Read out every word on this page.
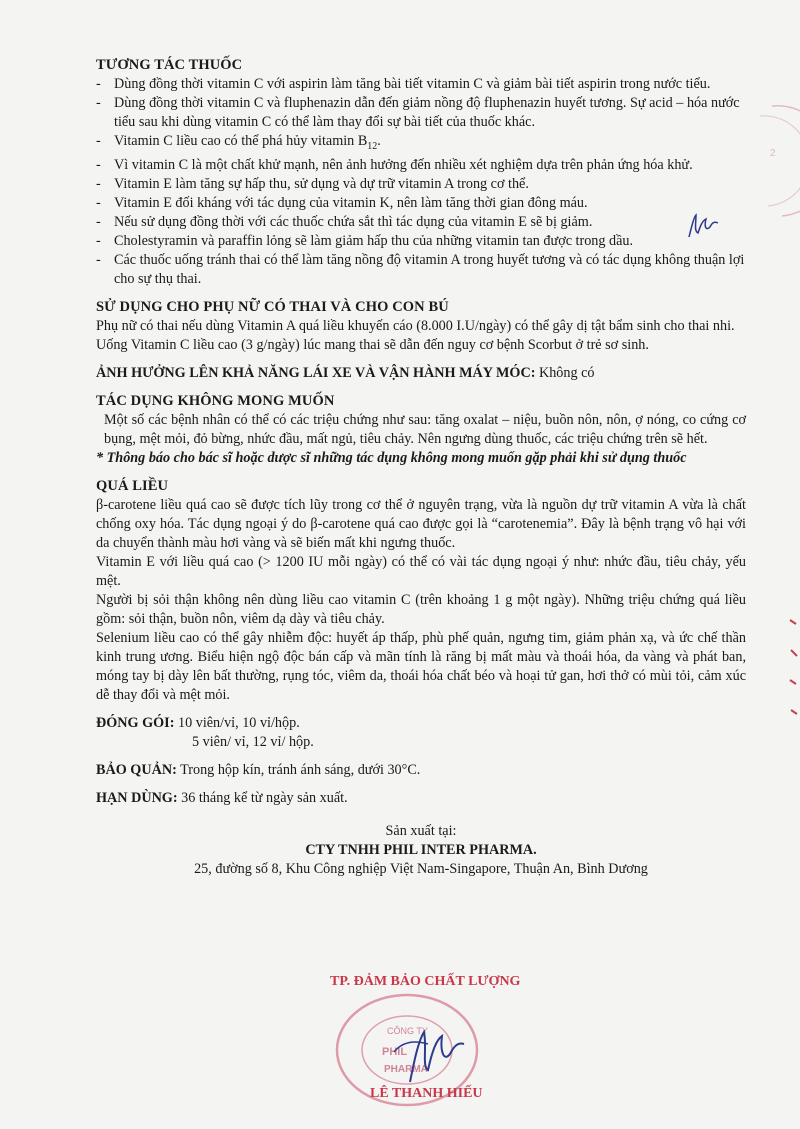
TƯƠNG TÁC THUỐC
- Dùng đồng thời vitamin C với aspirin làm tăng bài tiết vitamin C và giảm bài tiết aspirin trong nước tiểu.
- Dùng đồng thời vitamin C và fluphenazin dẫn đến giảm nồng độ fluphenazin huyết tương. Sự acid – hóa nước tiểu sau khi dùng vitamin C có thể làm thay đổi sự bài tiết của thuốc khác.
- Vitamin C liều cao có thể phá hủy vitamin $B_{12}$.
- Vì vitamin C là một chất khử mạnh, nên ảnh hưởng đến nhiều xét nghiệm dựa trên phản ứng hóa khử.
- Vitamin E làm tăng sự hấp thu, sử dụng và dự trữ vitamin A trong cơ thể.
- Vitamin E đối kháng với tác dụng của vitamin K, nên làm tăng thời gian đông máu.
- Nếu sử dụng đồng thời với các thuốc chứa sắt thì tác dụng của vitamin E sẽ bị giảm.
- Cholestyramin và paraffin lỏng sẽ làm giảm hấp thu của những vitamin tan được trong dầu.
- Các thuốc uống tránh thai có thể làm tăng nồng độ vitamin A trong huyết tương và có tác dụng không thuận lợi cho sự thụ thai.
SỬ DỤNG CHO PHỤ NỮ CÓ THAI VÀ CHO CON BÚ

Phụ nữ có thai nếu dùng Vitamin A quá liều khuyến cáo (8.000 I.U/ngày) có thể gây dị tật bẩm sinh cho thai nhi.

Uống Vitamin C liều cao (3 g/ngày) lúc mang thai sẽ dẫn đến nguy cơ bệnh Scorbut ở trẻ sơ sinh.

ẢNH HƯỞNG LÊN KHẢ NĂNG LÁI XE VÀ VẬN HÀNH MÁY MÓC: Không có

TÁC DỤNG KHÔNG MONG MUỐN

Một số các bệnh nhân có thể có các triệu chứng như sau: tăng oxalat – niệu, buồn nôn, nôn, ợ nóng, co cứng cơ bụng, mệt mỏi, đỏ bừng, nhức đầu, mất ngủ, tiêu chảy. Nên ngưng dùng thuốc, các triệu chứng trên sẽ hết.

* Thông báo cho bác sĩ hoặc dược sĩ những tác dụng không mong muốn gặp phải khi sử dụng thuốc

QUÁ LIỀU

β-carotene liều quá cao sẽ được tích lũy trong cơ thể ở nguyên trạng, vừa là nguồn dự trữ vitamin A vừa là chất chống oxy hóa. Tác dụng ngoại ý do β-carotene quá cao được gọi là “carotenemia”. Đây là bệnh trạng vô hại với da chuyển thành màu hơi vàng và sẽ biến mất khi ngưng thuốc.

Vitamin E với liều quá cao (> 1200 IU mỗi ngày) có thể có vài tác dụng ngoại ý như: nhức đầu, tiêu chảy, yếu mệt.

Người bị sỏi thận không nên dùng liều cao vitamin C (trên khoảng 1 g một ngày). Những triệu chứng quá liều gồm: sỏi thận, buồn nôn, viêm dạ dày và tiêu chảy.

Selenium liều cao có thể gây nhiễm độc: huyết áp thấp, phù phế quản, ngưng tim, giảm phản xạ, và ức chế thần kinh trung ương. Biểu hiện ngộ độc bán cấp và mãn tính là răng bị mất màu và thoái hóa, da vàng và phát ban, móng tay bị dày lên bất thường, rụng tóc, viêm da, thoái hóa chất béo và hoại tử gan, hơi thở có mùi tỏi, cảm xúc dễ thay đổi và mệt mỏi.

ĐÓNG GÓI: 10 viên/vỉ, 10 vỉ/hộp.
5 viên/ vỉ, 12 vỉ/ hộp.
BẢO QUẢN: Trong hộp kín, tránh ánh sáng, dưới 30°C.
HẠN DÙNG: 36 tháng kể từ ngày sản xuất.
Sản xuất tại:
CTY TNHH PHIL INTER PHARMA.
25, đường số 8, Khu Công nghiệp Việt Nam-Singapore, Thuận An, Bình Dương
2
TP. ĐẢM BẢO CHẤT LƯỢNG
CÔNG TY
PHIL
PHARMA
LÊ THANH HIẾU
